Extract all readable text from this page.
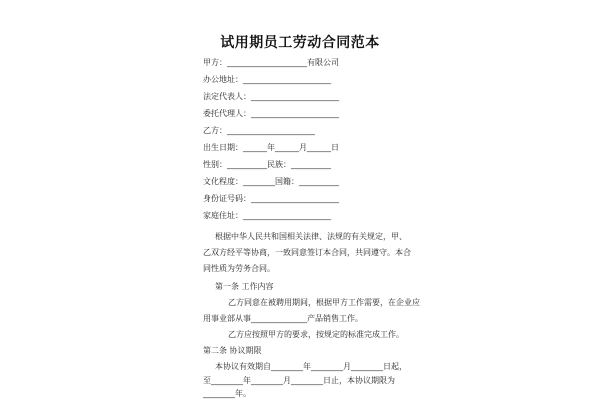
试用期员工劳动合同范本
甲方：____________________有限公司
办公地址：______________________
法定代表人：______________________
委托代理人：______________________
乙方：______________________
出生日期：______年______月______日
性别：__________民族：__________
文化程度：________国籍：__________
身份证号码：______________________
家庭住址：______________________
根据中华人民共和国相关法律、法规的有关规定，甲、
乙双方经平等协商，一致同意签订本合同，共同遵守。本合
同性质为劳务合同。
第一条 工作内容
乙方同意在被聘用期间，根据甲方工作需要，在企业应
用事业部从事______________产品销售工作。
乙方应按照甲方的要求，按规定的标准完成工作。
第二条 协议期限
本协议有效期自________年________月________日起，
至________年________月________日止，本协议期限为
________年。
